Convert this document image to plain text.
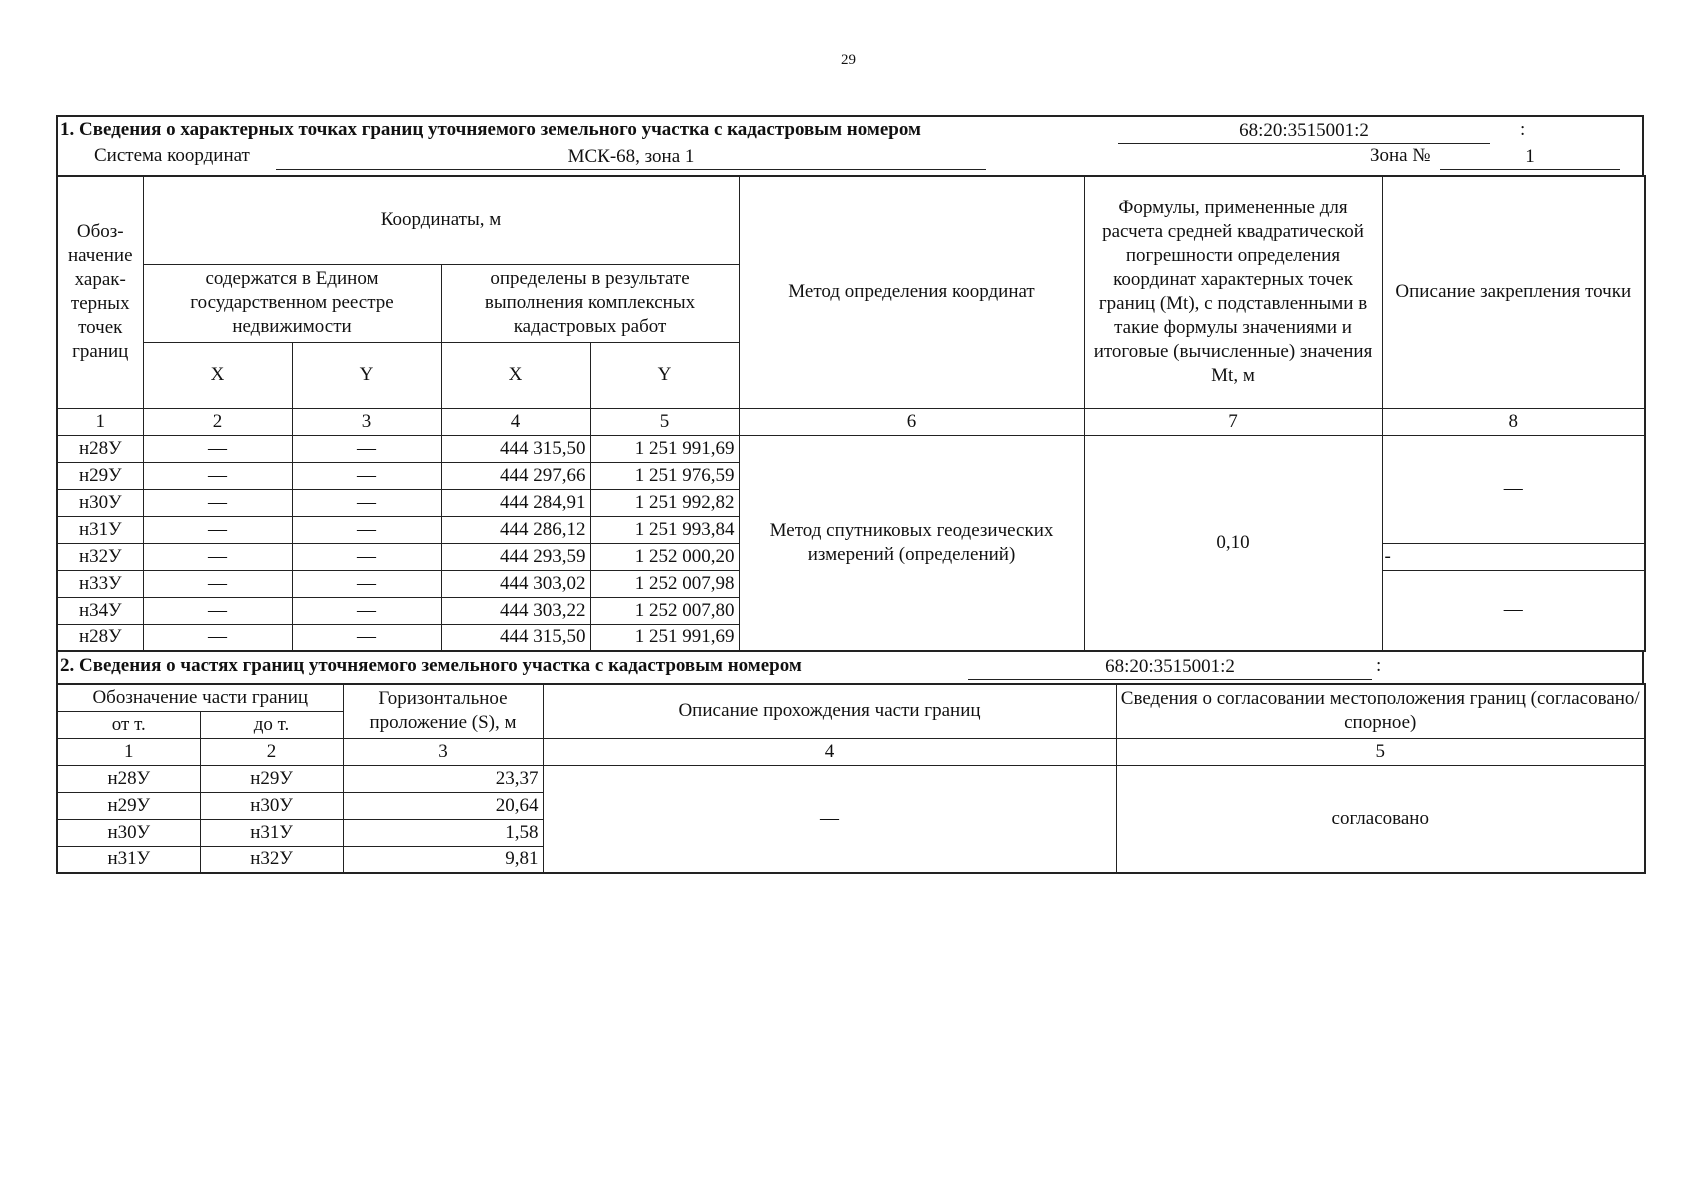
29
1. Сведения о характерных точках границ уточняемого земельного участка с кадастровым номером	68:20:3515001:2	:
Система координат	МСК-68, зона 1	Зона №	1
Обоз-начение харак-терных точек границ	Координаты, м				Метод определения координат	Формулы, примененные для расчета средней квадратической погрешности определения координат характерных точек границ (Mt), с подставленными в такие формулы значениями и итоговые (вычисленные) значения Mt, м	Описание закрепления точки
	содержатся в Едином государственном реестре недвижимости		определены в результате выполнения комплексных кадастровых работ				
	X	Y	X	Y			
1	2	3	4	5	6	7	8
н28У	—	—	444 315,50	1 251 991,69	Метод спутниковых геодезических измерений (определений)	0,10	—
н29У	—	—	444 297,66	1 251 976,59			
н30У	—	—	444 284,91	1 251 992,82			
н31У	—	—	444 286,12	1 251 993,84			
н32У	—	—	444 293,59	1 252 000,20			-
н33У	—	—	444 303,02	1 252 007,98			—
н34У	—	—	444 303,22	1 252 007,80			
н28У	—	—	444 315,50	1 251 991,69			
2. Сведения о частях границ уточняемого земельного участка с кадастровым номером	68:20:3515001:2	:
Обозначение части границ		Горизонтальное проложение (S), м	Описание прохождения части границ	Сведения о согласовании местоположения границ (согласовано/спорное)
от т.	до т.			
1	2	3	4	5
н28У	н29У	23,37	—	согласовано
н29У	н30У	20,64		
н30У	н31У	1,58		
н31У	н32У	9,81		
